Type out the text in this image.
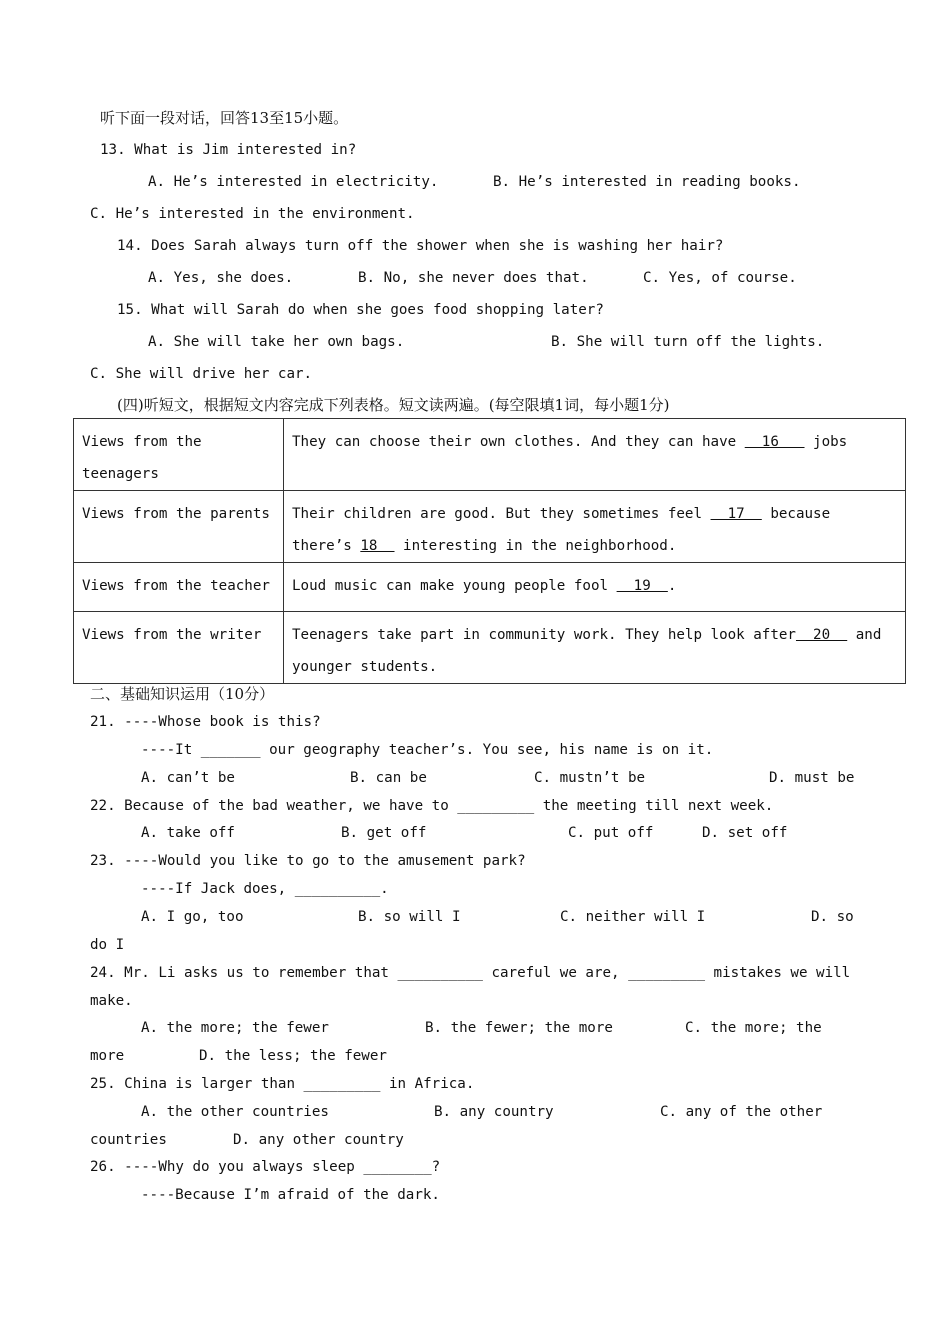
听下面一段对话，回答13至15小题。
13. What is Jim interested in?
A. He’s interested in electricity.	B. He’s interested in reading books.
C. He’s interested in the environment.
14. Does Sarah always turn off the shower when she is washing her hair?
A. Yes, she does.	B. No, she never does that.	C. Yes, of course.
15. What will Sarah do when she goes food shopping later?
A. She will take her own bags.	B. She will turn off the lights.
C. She will drive her car.
(四)听短文，根据短文内容完成下列表格。短文读两遍。(每空限填1词，每小题1分)
Views from the teenagers	They can choose their own clothes. And they can have   16    jobs
Views from the parents	Their children are good. But they sometimes feel   17   because there’s 18   interesting in the neighborhood.
Views from the teacher	Loud music can make young people fool   19  .
Views from the writer	Teenagers take part in community work. They help look after  20   and younger students.
二、基础知识运用（10分）
21. ----Whose book is this?
----It _______ our geography teacher’s. You see, his name is on it.
A. can’t be	B. can be	C. mustn’t be	D. must be
22. Because of the bad weather, we have to _________ the meeting till next week.
A. take off	B. get off	C. put off	D. set off
23. ----Would you like to go to the amusement park?
----If Jack does, __________.
A. I go, too	B. so will I	C. neither will I	D. so
do I
24. Mr. Li asks us to remember that __________ careful we are, _________ mistakes we will
make.
A. the more; the fewer	B. the fewer; the more	C. the more; the
more	D. the less; the fewer
25. China is larger than _________ in Africa.
A. the other countries	B. any country	C. any of the other
countries	D. any other country
26. ----Why do you always sleep ________?
----Because I’m afraid of the dark.
